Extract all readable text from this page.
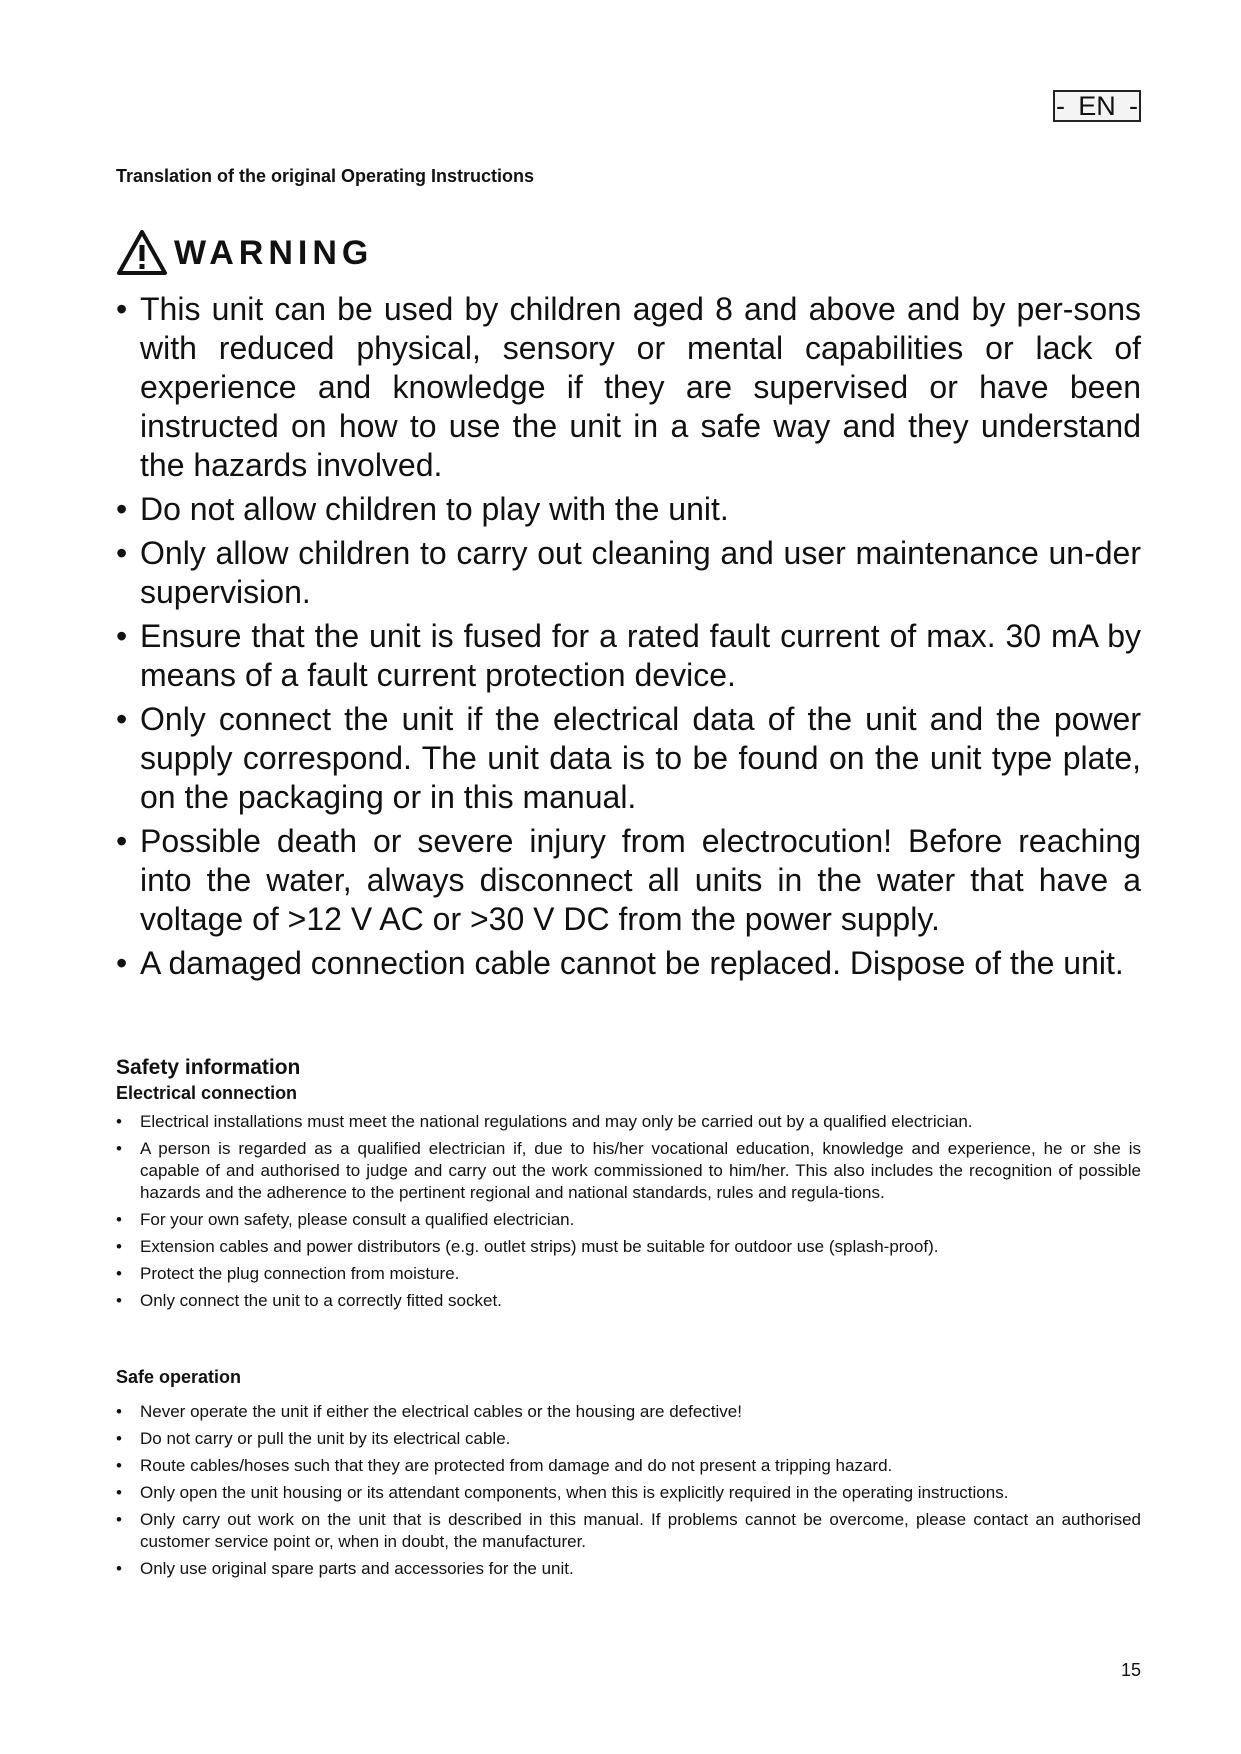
- EN -
Translation of the original Operating Instructions
WARNING
• This unit can be used by children aged 8 and above and by per-sons with reduced physical, sensory or mental capabilities or lack of experience and knowledge if they are supervised or have been instructed on how to use the unit in a safe way and they understand the hazards involved.
• Do not allow children to play with the unit.
• Only allow children to carry out cleaning and user maintenance un-der supervision.
• Ensure that the unit is fused for a rated fault current of max. 30 mA by means of a fault current protection device.
• Only connect the unit if the electrical data of the unit and the power supply correspond. The unit data is to be found on the unit type plate, on the packaging or in this manual.
• Possible death or severe injury from electrocution! Before reaching into the water, always disconnect all units in the water that have a voltage of >12 V AC or >30 V DC from the power supply.
• A damaged connection cable cannot be replaced. Dispose of the unit.
Safety information
Electrical connection
• Electrical installations must meet the national regulations and may only be carried out by a qualified electrician.
• A person is regarded as a qualified electrician if, due to his/her vocational education, knowledge and experience, he or she is capable of and authorised to judge and carry out the work commissioned to him/her. This also includes the recognition of possible hazards and the adherence to the pertinent regional and national standards, rules and regula-tions.
• For your own safety, please consult a qualified electrician.
• Extension cables and power distributors (e.g. outlet strips) must be suitable for outdoor use (splash-proof).
• Protect the plug connection from moisture.
• Only connect the unit to a correctly fitted socket.
Safe operation
• Never operate the unit if either the electrical cables or the housing are defective!
• Do not carry or pull the unit by its electrical cable.
• Route cables/hoses such that they are protected from damage and do not present a tripping hazard.
• Only open the unit housing or its attendant components, when this is explicitly required in the operating instructions.
• Only carry out work on the unit that is described in this manual. If problems cannot be overcome, please contact an authorised customer service point or, when in doubt, the manufacturer.
• Only use original spare parts and accessories for the unit.
15
